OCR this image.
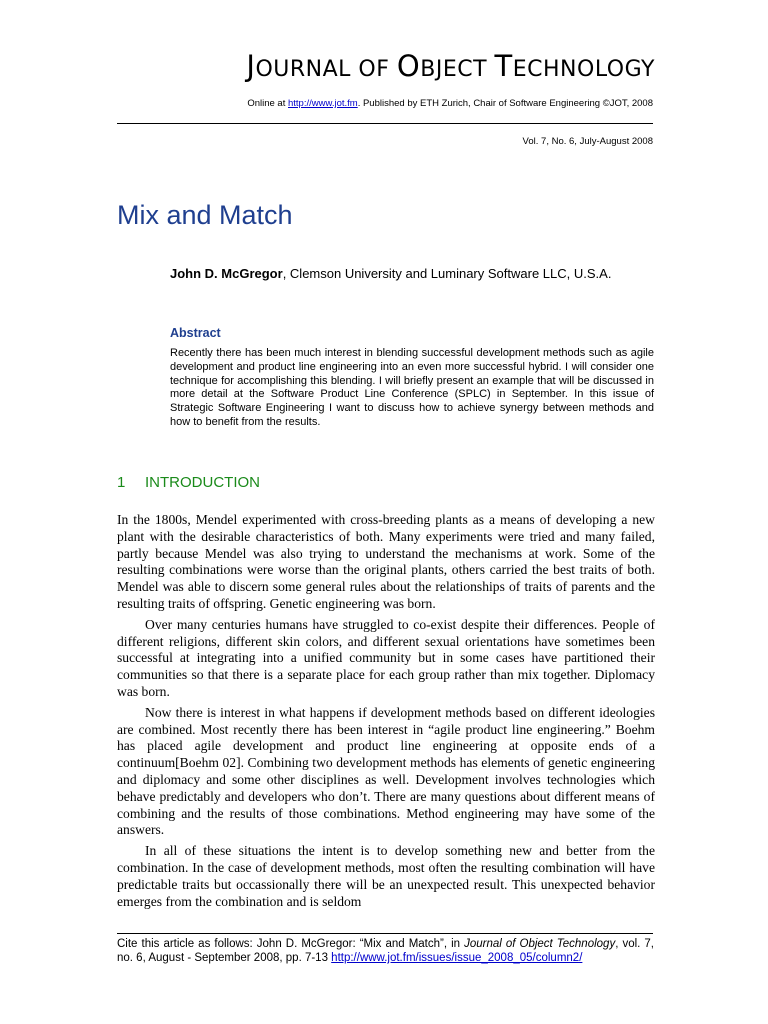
JOURNAL OF OBJECT TECHNOLOGY
Online at http://www.jot.fm. Published by ETH Zurich, Chair of Software Engineering ©JOT, 2008
Vol. 7, No. 6, July-August 2008
Mix and Match
John D. McGregor, Clemson University and Luminary Software LLC, U.S.A.
Abstract
Recently there has been much interest in blending successful development methods such as agile development and product line engineering into an even more successful hybrid. I will consider one technique for accomplishing this blending. I will briefly present an example that will be discussed in more detail at the Software Product Line Conference (SPLC) in September. In this issue of Strategic Software Engineering I want to discuss how to achieve synergy between methods and how to benefit from the results.
1 INTRODUCTION

In the 1800s, Mendel experimented with cross-breeding plants as a means of developing a new plant with the desirable characteristics of both. Many experiments were tried and many failed, partly because Mendel was also trying to understand the mechanisms at work. Some of the resulting combinations were worse than the original plants, others carried the best traits of both. Mendel was able to discern some general rules about the relationships of traits of parents and the resulting traits of offspring. Genetic engineering was born.

Over many centuries humans have struggled to co-exist despite their differences. People of different religions, different skin colors, and different sexual orientations have sometimes been successful at integrating into a unified community but in some cases have partitioned their communities so that there is a separate place for each group rather than mix together. Diplomacy was born.

Now there is interest in what happens if development methods based on different ideologies are combined. Most recently there has been interest in “agile product line engineering.” Boehm has placed agile development and product line engineering at opposite ends of a continuum[Boehm 02]. Combining two development methods has elements of genetic engineering and diplomacy and some other disciplines as well. Development involves technologies which behave predictably and developers who don’t. There are many questions about different means of combining and the results of those combinations. Method engineering may have some of the answers.

In all of these situations the intent is to develop something new and better from the combination. In the case of development methods, most often the resulting combination will have predictable traits but occassionally there will be an unexpected result. This unexpected behavior emerges from the combination and is seldom

Cite this article as follows: John D. McGregor: “Mix and Match”, in Journal of Object Technology, vol. 7, no. 6, August - September 2008, pp. 7-13 http://www.jot.fm/issues/issue_2008_05/column2/
